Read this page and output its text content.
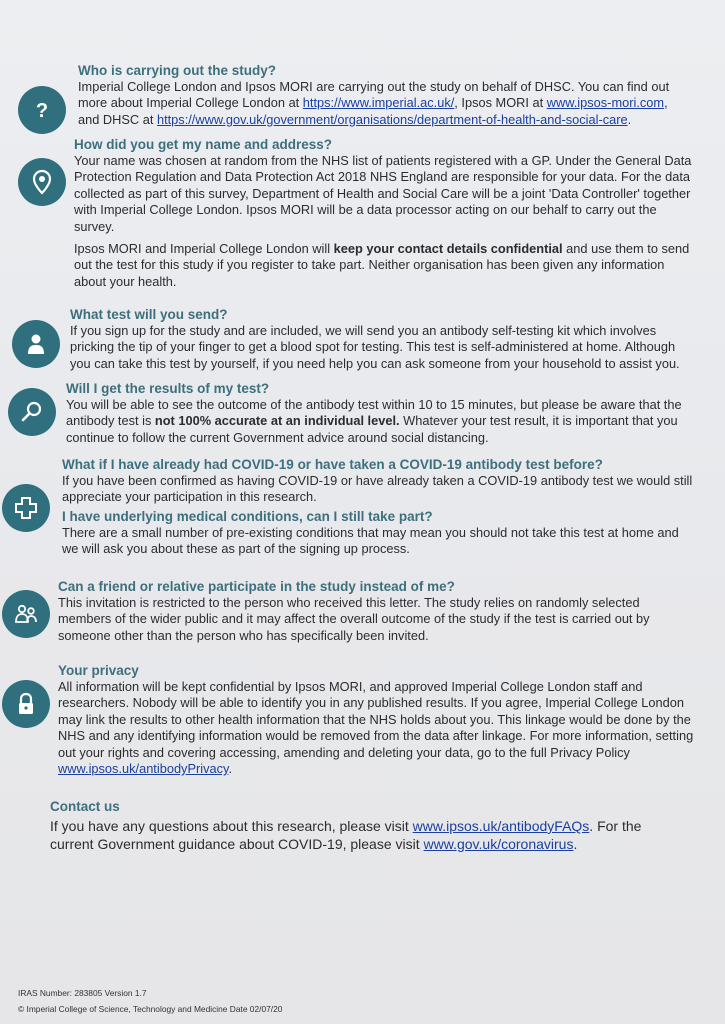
?

Who is carrying out the study?

Imperial College London and Ipsos MORI are carrying out the study on behalf of DHSC. You can find out more about Imperial College London at https://www.imperial.ac.uk/, Ipsos MORI at www.ipsos-mori.com, and DHSC at https://www.gov.uk/government/organisations/department-of-health-and-social-care.

How did you get my name and address?

Your name was chosen at random from the NHS list of patients registered with a GP. Under the General Data Protection Regulation and Data Protection Act 2018 NHS England are responsible for your data. For the data collected as part of this survey, Department of Health and Social Care will be a joint 'Data Controller' together with Imperial College London. Ipsos MORI will be a data processor acting on our behalf to carry out the survey.

Ipsos MORI and Imperial College London will keep your contact details confidential and use them to send out the test for this study if you register to take part. Neither organisation has been given any information about your health.

What test will you send?

If you sign up for the study and are included, we will send you an antibody self-testing kit which involves pricking the tip of your finger to get a blood spot for testing. This test is self-administered at home. Although you can take this test by yourself, if you need help you can ask someone from your household to assist you.

Will I get the results of my test?

You will be able to see the outcome of the antibody test within 10 to 15 minutes, but please be aware that the antibody test is not 100% accurate at an individual level. Whatever your test result, it is important that you continue to follow the current Government advice around social distancing.

What if I have already had COVID-19 or have taken a COVID-19 antibody test before?

If you have been confirmed as having COVID-19 or have already taken a COVID-19 antibody test we would still appreciate your participation in this research.

I have underlying medical conditions, can I still take part?

There are a small number of pre-existing conditions that may mean you should not take this test at home and we will ask you about these as part of the signing up process.

Can a friend or relative participate in the study instead of me?

This invitation is restricted to the person who received this letter. The study relies on randomly selected members of the wider public and it may affect the overall outcome of the study if the test is carried out by someone other than the person who has specifically been invited.

Your privacy

All information will be kept confidential by Ipsos MORI, and approved Imperial College London staff and researchers. Nobody will be able to identify you in any published results. If you agree, Imperial College London may link the results to other health information that the NHS holds about you. This linkage would be done by the NHS and any identifying information would be removed from the data after linkage. For more information, setting out your rights and covering accessing, amending and deleting your data, go to the full Privacy Policy www.ipsos.uk/antibodyPrivacy.

Contact us

If you have any questions about this research, please visit www.ipsos.uk/antibodyFAQs. For the current Government guidance about COVID-19, please visit www.gov.uk/coronavirus.

IRAS Number: 283805 Version 1.7
© Imperial College of Science, Technology and Medicine Date 02/07/20
